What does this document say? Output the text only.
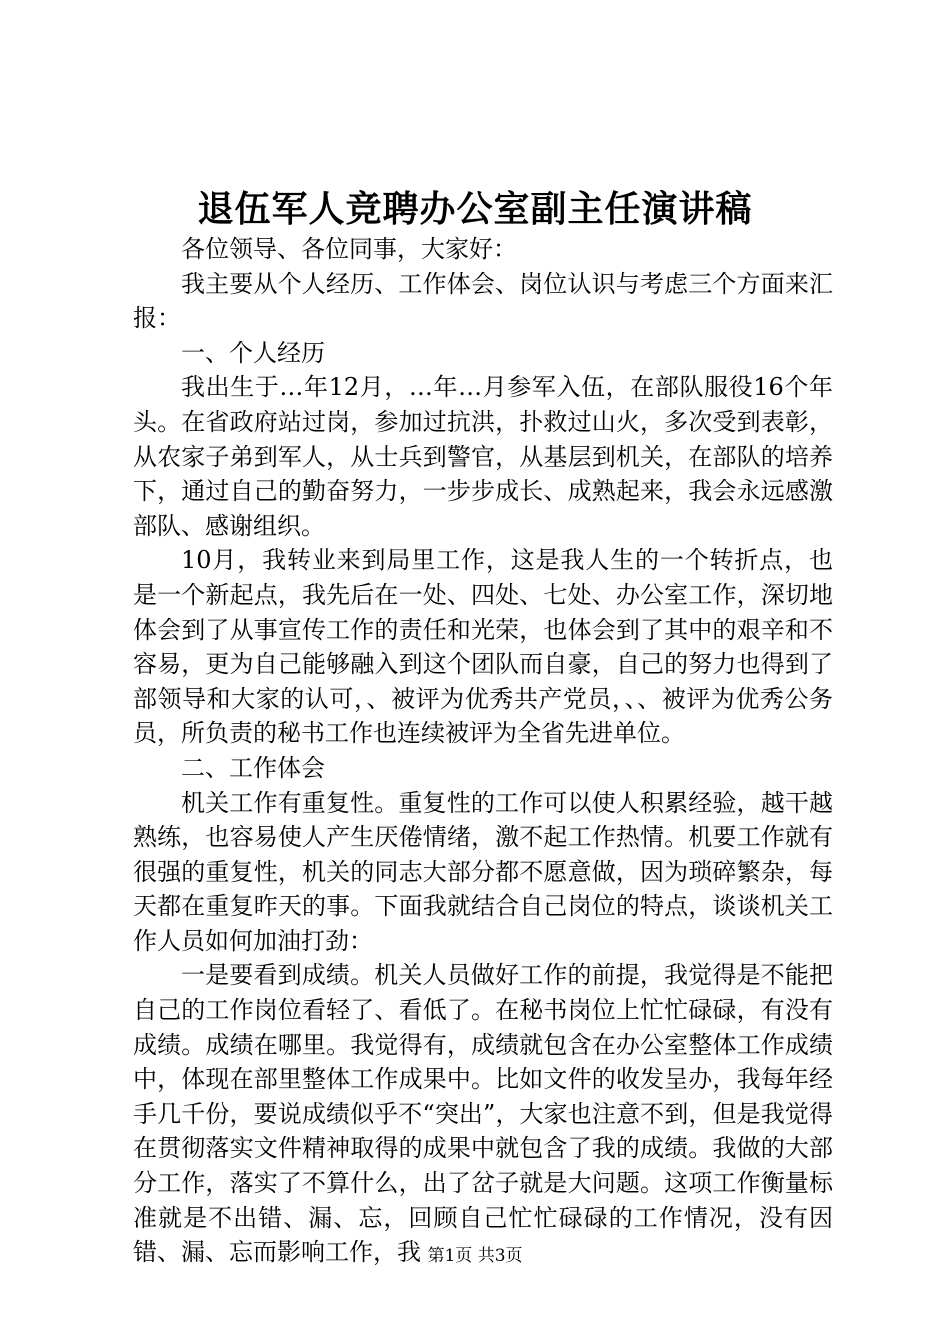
退伍军人竞聘办公室副主任演讲稿

各位领导、各位同事，大家好：

我主要从个人经历、工作体会、岗位认识与考虑三个方面来汇报：

一、个人经历

我出生于…年12月，…年…月参军入伍，在部队服役16个年头。在省政府站过岗，参加过抗洪，扑救过山火，多次受到表彰，从农家子弟到军人，从士兵到警官，从基层到机关，在部队的培养下，通过自己的勤奋努力，一步步成长、成熟起来，我会永远感激部队、感谢组织。

10月，我转业来到局里工作，这是我人生的一个转折点，也是一个新起点，我先后在一处、四处、七处、办公室工作，深切地体会到了从事宣传工作的责任和光荣，也体会到了其中的艰辛和不容易，更为自己能够融入到这个团队而自豪，自己的努力也得到了部领导和大家的认可，、被评为优秀共产党员，、、被评为优秀公务员，所负责的秘书工作也连续被评为全省先进单位。

二、工作体会

机关工作有重复性。重复性的工作可以使人积累经验，越干越熟练，也容易使人产生厌倦情绪，激不起工作热情。机要工作就有很强的重复性，机关的同志大部分都不愿意做，因为琐碎繁杂，每天都在重复昨天的事。下面我就结合自己岗位的特点，谈谈机关工作人员如何加油打劲：

一是要看到成绩。机关人员做好工作的前提，我觉得是不能把自己的工作岗位看轻了、看低了。在秘书岗位上忙忙碌碌，有没有成绩。成绩在哪里。我觉得有，成绩就包含在办公室整体工作成绩中，体现在部里整体工作成果中。比如文件的收发呈办，我每年经手几千份，要说成绩似乎不“突出”，大家也注意不到，但是我觉得在贯彻落实文件精神取得的成果中就包含了我的成绩。我做的大部分工作，落实了不算什么，出了岔子就是大问题。这项工作衡量标准就是不出错、漏、忘，回顾自己忙忙碌碌的工作情况，没有因错、漏、忘而影响工作，我 第1页 共3页
